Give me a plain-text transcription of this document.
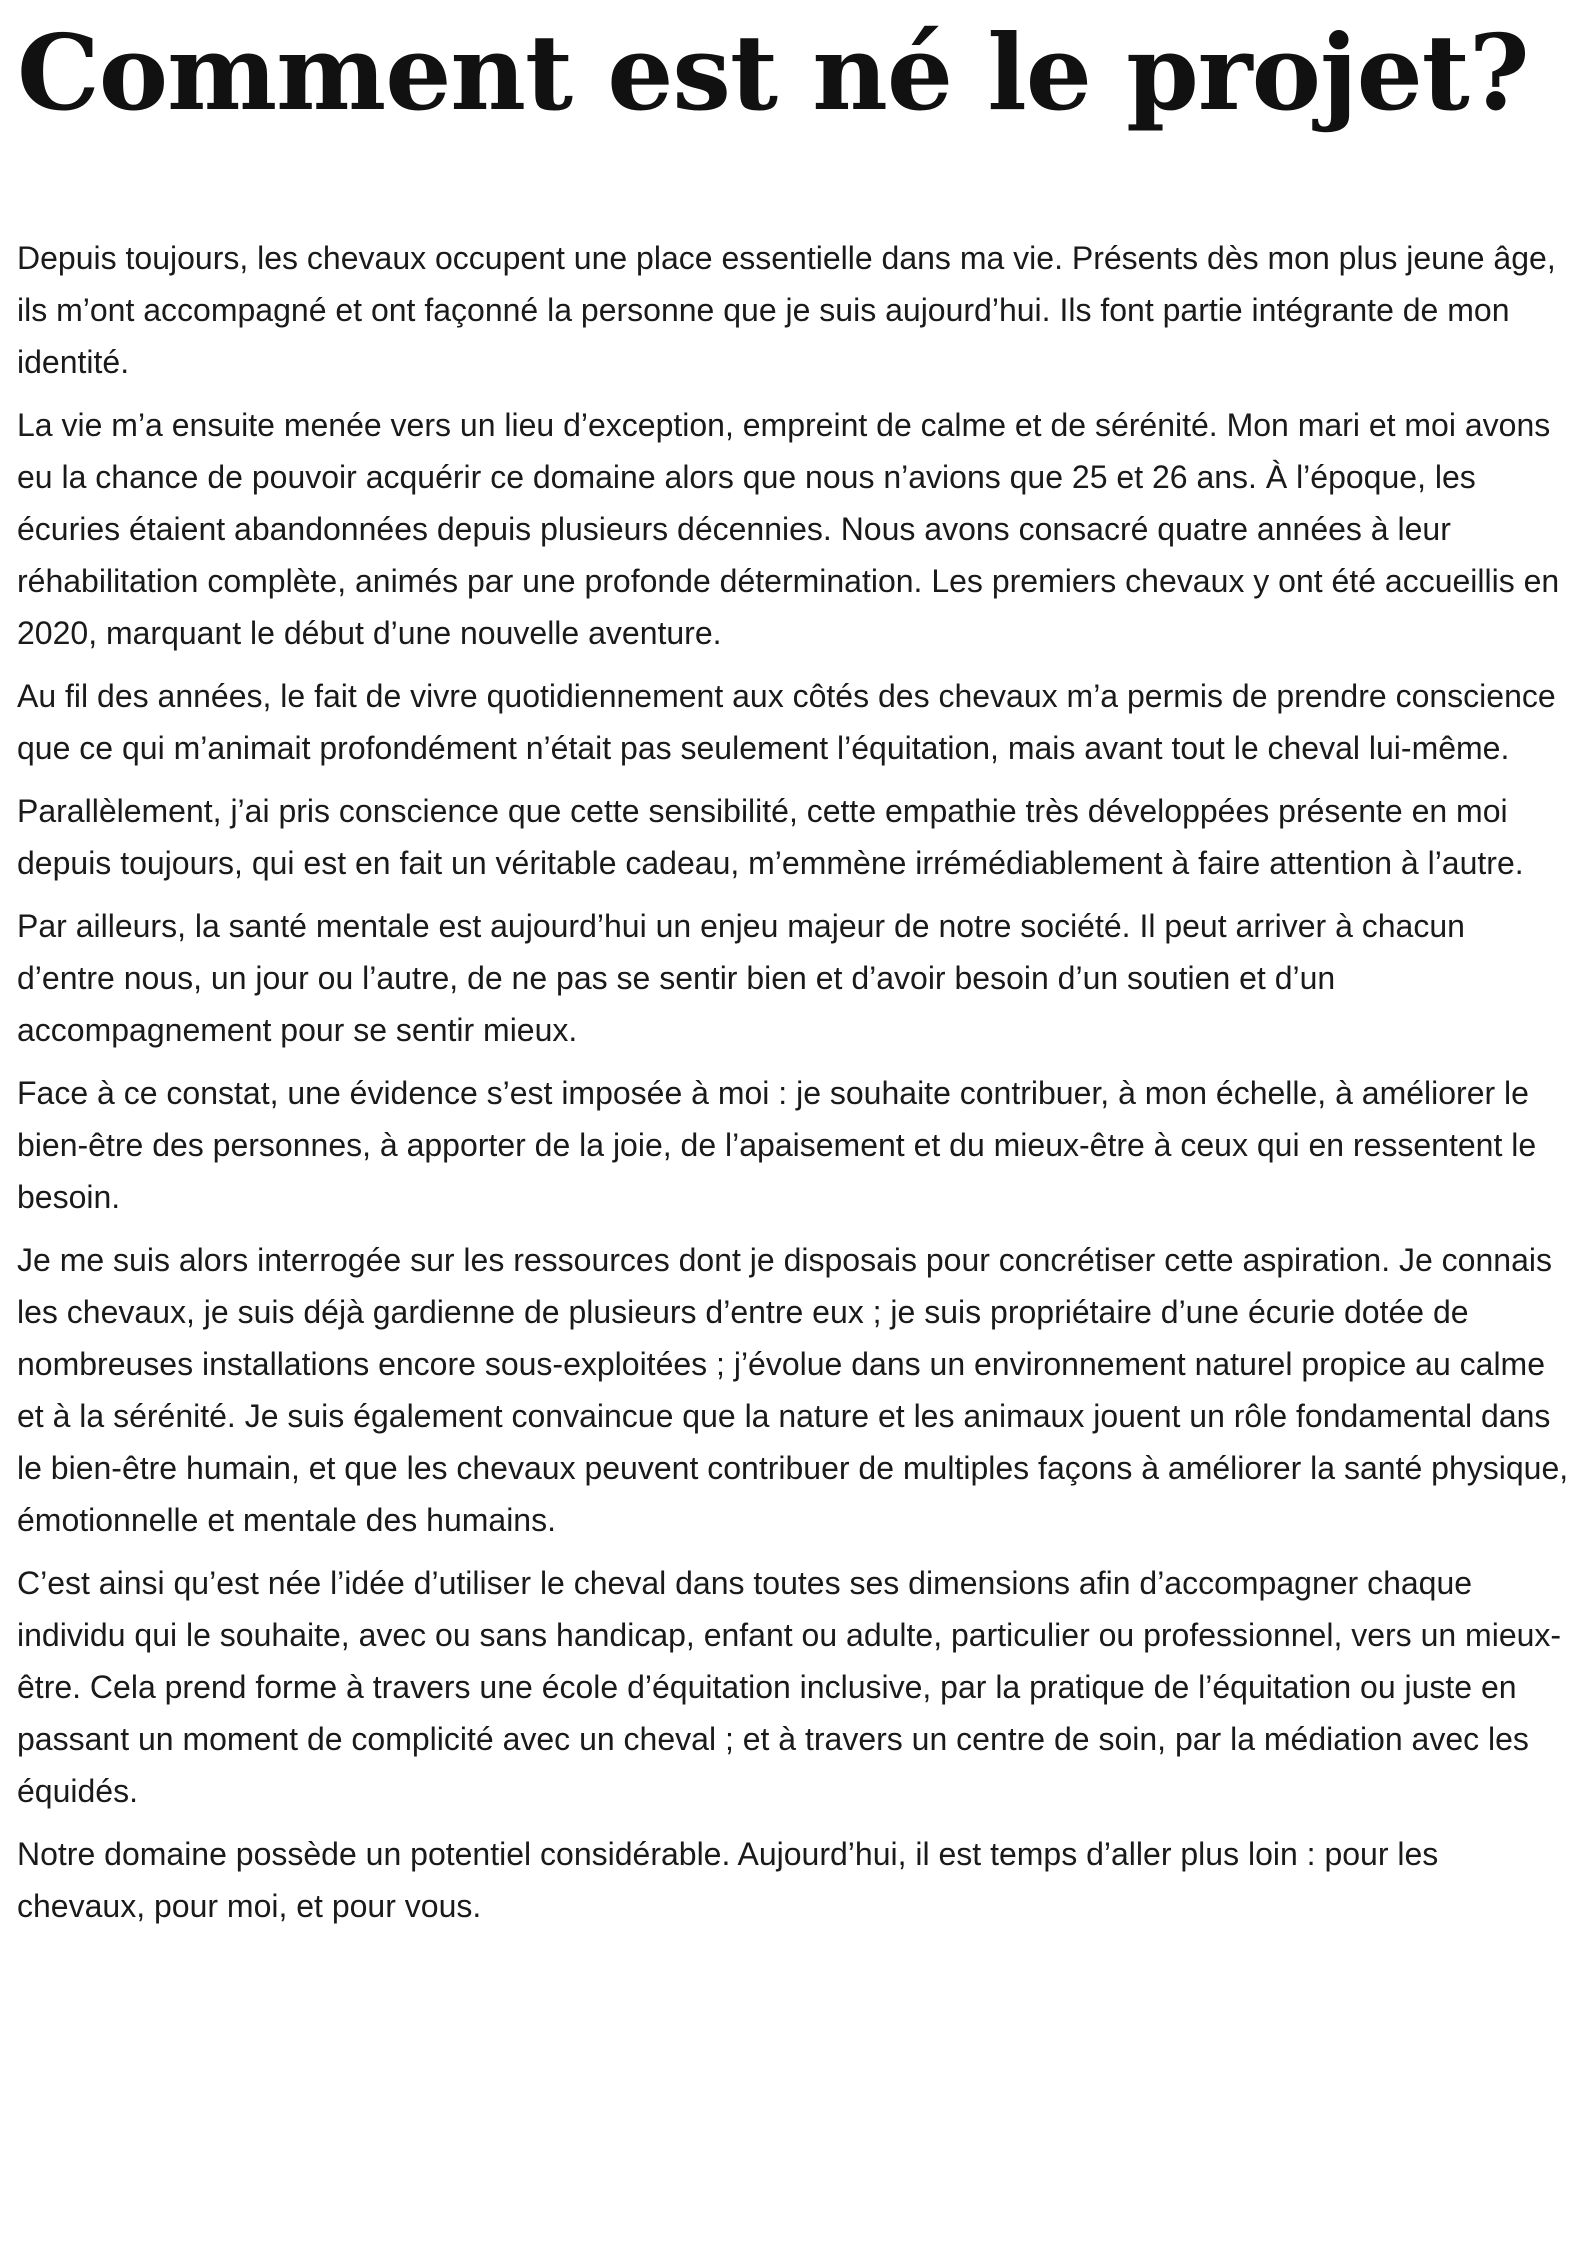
Comment est né le projet?

Depuis toujours, les chevaux occupent une place essentielle dans ma vie. Présents dès mon plus jeune âge, ils m’ont accompagné et ont façonné la personne que je suis aujourd’hui. Ils font partie intégrante de mon identité.

La vie m’a ensuite menée vers un lieu d’exception, empreint de calme et de sérénité. Mon mari et moi avons eu la chance de pouvoir acquérir ce domaine alors que nous n’avions que 25 et 26 ans. À l’époque, les écuries étaient abandonnées depuis plusieurs décennies. Nous avons consacré quatre années à leur réhabilitation complète, animés par une profonde détermination. Les premiers chevaux y ont été accueillis en 2020, marquant le début d’une nouvelle aventure.

Au fil des années, le fait de vivre quotidiennement aux côtés des chevaux m’a permis de prendre conscience que ce qui m’animait profondément n’était pas seulement l’équitation, mais avant tout le cheval lui-même.

Parallèlement, j’ai pris conscience que cette sensibilité, cette empathie très développées présente en moi depuis toujours, qui est en fait un véritable cadeau, m’emmène irrémédiablement à faire attention à l’autre.

Par ailleurs, la santé mentale est aujourd’hui un enjeu majeur de notre société. Il peut arriver à chacun d’entre nous, un jour ou l’autre, de ne pas se sentir bien et d’avoir besoin d’un soutien et d’un accompagnement pour se sentir mieux.

Face à ce constat, une évidence s’est imposée à moi : je souhaite contribuer, à mon échelle, à améliorer le bien-être des personnes, à apporter de la joie, de l’apaisement et du mieux-être à ceux qui en ressentent le besoin.

Je me suis alors interrogée sur les ressources dont je disposais pour concrétiser cette aspiration. Je connais les chevaux, je suis déjà gardienne de plusieurs d’entre eux ; je suis propriétaire d’une écurie dotée de nombreuses installations encore sous-exploitées ; j’évolue dans un environnement naturel propice au calme et à la sérénité. Je suis également convaincue que la nature et les animaux jouent un rôle fondamental dans le bien-être humain, et que les chevaux peuvent contribuer de multiples façons à améliorer la santé physique, émotionnelle et mentale des humains.

C’est ainsi qu’est née l’idée d’utiliser le cheval dans toutes ses dimensions afin d’accompagner chaque individu qui le souhaite, avec ou sans handicap, enfant ou adulte, particulier ou professionnel, vers un mieux-être. Cela prend forme à travers une école d’équitation inclusive, par la pratique de l’équitation ou juste en passant un moment de complicité avec un cheval ; et à travers un centre de soin, par la médiation avec les équidés.

Notre domaine possède un potentiel considérable. Aujourd’hui, il est temps d’aller plus loin : pour les chevaux, pour moi, et pour vous.
